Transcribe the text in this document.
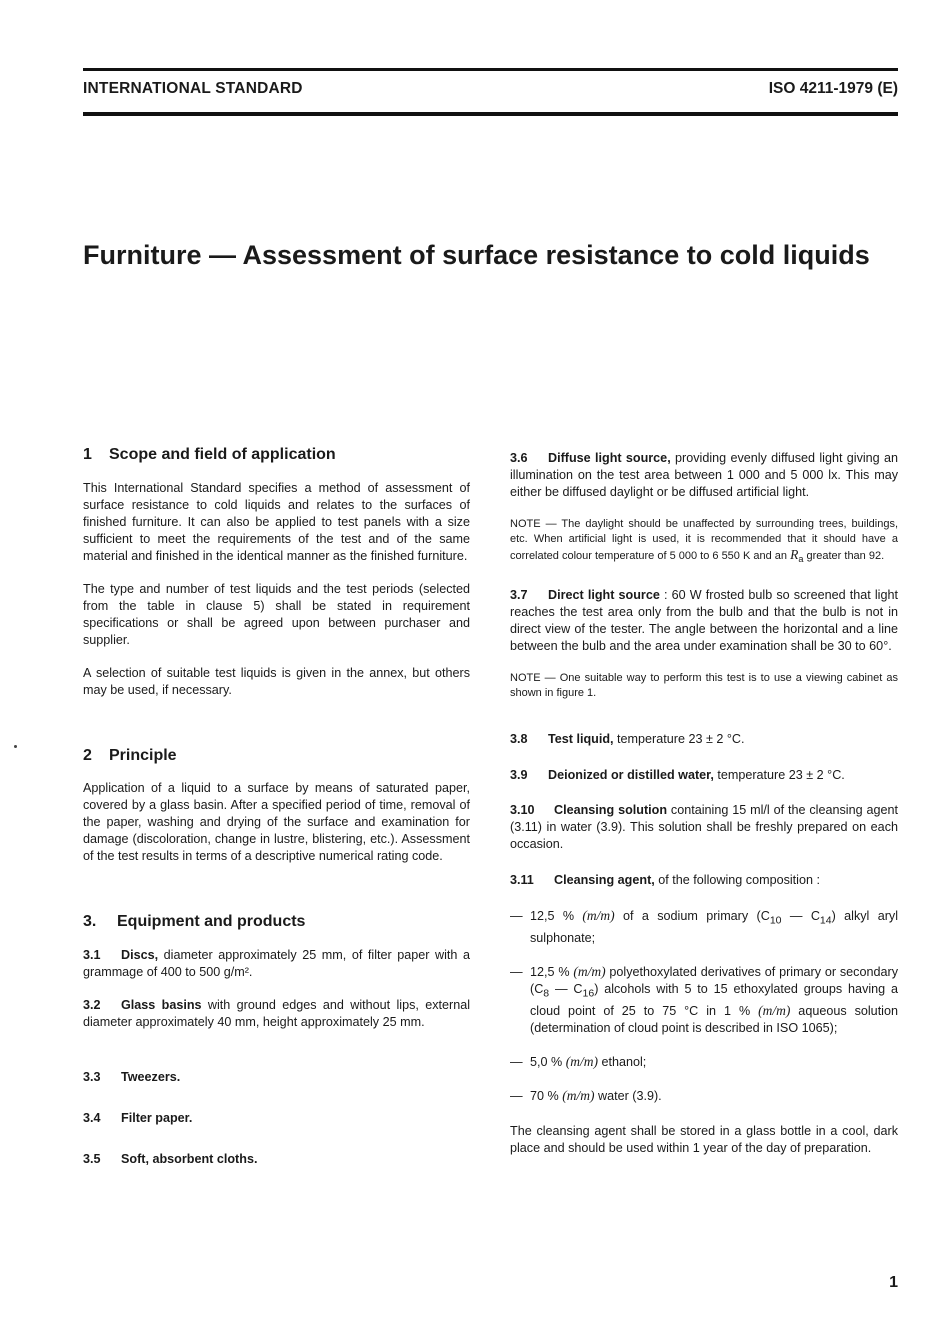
INTERNATIONAL STANDARD	ISO 4211-1979 (E)
Furniture — Assessment of surface resistance to cold liquids
1 Scope and field of application

This International Standard specifies a method of assessment of surface resistance to cold liquids and relates to the surfaces of finished furniture. It can also be applied to test panels with a size sufficient to meet the requirements of the test and of the same material and finished in the identical manner as the finished furniture.

The type and number of test liquids and the test periods (selected from the table in clause 5) shall be stated in requirement specifications or shall be agreed upon between purchaser and supplier.

A selection of suitable test liquids is given in the annex, but others may be used, if necessary.

2 Principle

Application of a liquid to a surface by means of saturated paper, covered by a glass basin. After a specified period of time, removal of the paper, washing and drying of the surface and examination for damage (discoloration, change in lustre, blistering, etc.). Assessment of the test results in terms of a descriptive numerical rating code.

3. Equipment and products

3.1 Discs, diameter approximately 25 mm, of filter paper with a grammage of 400 to 500 g/m².

3.2 Glass basins with ground edges and without lips, external diameter approximately 40 mm, height approximately 25 mm.

3.3 Tweezers.

3.4 Filter paper.

3.5 Soft, absorbent cloths.

3.6 Diffuse light source, providing evenly diffused light giving an illumination on the test area between 1 000 and 5 000 lx. This may either be diffused daylight or be diffused artificial light.

NOTE — The daylight should be unaffected by surrounding trees, buildings, etc. When artificial light is used, it is recommended that it should have a correlated colour temperature of 5 000 to 6 550 K and an $R_a$ greater than 92.

3.7 Direct light source : 60 W frosted bulb so screened that light reaches the test area only from the bulb and that the bulb is not in direct view of the tester. The angle between the horizontal and a line between the bulb and the area under examination shall be 30 to 60°.

NOTE — One suitable way to perform this test is to use a viewing cabinet as shown in figure 1.

3.8 Test liquid, temperature 23 ± 2 °C.

3.9 Deionized or distilled water, temperature 23 ± 2 °C.

3.10 Cleansing solution containing 15 ml/l of the cleansing agent (3.11) in water (3.9). This solution shall be freshly prepared on each occasion.

3.11 Cleansing agent, of the following composition :

— 12,5 % (m/m) of a sodium primary ($C_{10}$ — $C_{14}$) alkyl aryl sulphonate;

— 12,5 % (m/m) polyethoxylated derivatives of primary or secondary ($C_8$ — $C_{16}$) alcohols with 5 to 15 ethoxylated groups having a cloud point of 25 to 75 °C in 1 % (m/m) aqueous solution (determination of cloud point is described in ISO 1065);

— 5,0 % (m/m) ethanol;

— 70 % (m/m) water (3.9).

The cleansing agent shall be stored in a glass bottle in a cool, dark place and should be used within 1 year of the day of preparation.

1
